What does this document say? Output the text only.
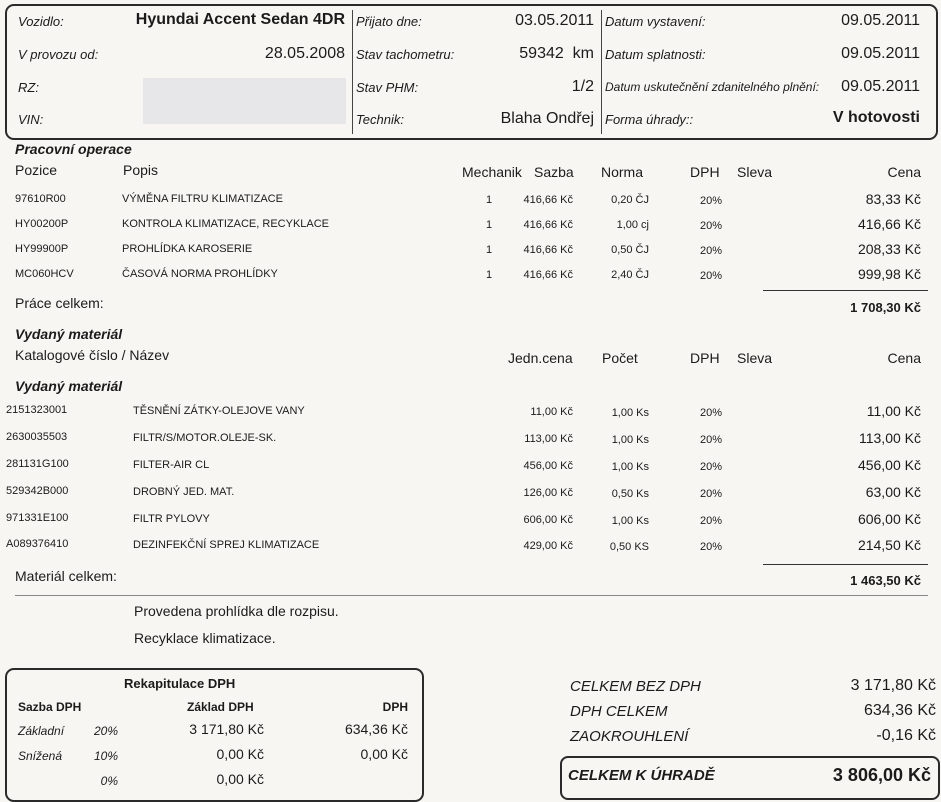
Vozidlo:	Hyundai Accent Sedan 4DR
V provozu od:	28.05.2008
RZ:
VIN:
Přijato dne:	03.05.2011
Stav tachometru:	59342 km
Stav PHM:	1/2
Technik:	Blaha Ondřej
Datum vystavení:	09.05.2011
Datum splatnosti:	09.05.2011
Datum uskutečnění zdanitelného plnění: 09.05.2011
Forma úhrady::	V hotovosti
Pracovní operace
Pozice	Popis	Mechanik Sazba Norma	DPH Sleva	Cena
97610R00	VÝMĚNA FILTRU KLIMATIZACE	1	416,66 Kč	0,20 ČJ	20%	83,33 Kč
HY00200P	KONTROLA KLIMATIZACE, RECYKLACE	1	416,66 Kč	1,00 cj	20%	416,66 Kč
HY99900P	PROHLÍDKA KAROSERIE	1	416,66 Kč	0,50 ČJ	20%	208,33 Kč
MC060HCV	ČASOVÁ NORMA PROHLÍDKY	1	416,66 Kč	2,40 ČJ	20%	999,98 Kč
Práce celkem:	1 708,30 Kč
Vydaný materiál
Katalogové číslo / Název	Jedn.cena Počet	DPH Sleva	Cena
Vydaný materiál
2151323001	TĚSNĚNÍ ZÁTKY-OLEJOVE VANY	11,00 Kč	1,00 Ks	20%	11,00 Kč
2630035503	FILTR/S/MOTOR.OLEJE-SK.	113,00 Kč	1,00 Ks	20%	113,00 Kč
281131G100	FILTER-AIR CL	456,00 Kč	1,00 Ks	20%	456,00 Kč
529342B000	DROBNÝ JED. MAT.	126,00 Kč	0,50 Ks	20%	63,00 Kč
971331E100	FILTR PYLOVY	606,00 Kč	1,00 Ks	20%	606,00 Kč
A089376410	DEZINFEKČNÍ SPREJ KLIMATIZACE	429,00 Kč	0,50 KS	20%	214,50 Kč
Materiál celkem:	1 463,50 Kč
Provedena prohlídka dle rozpisu.
Recyklace klimatizace.
Rekapitulace DPH
Sazba DPH	Základ DPH	DPH
Základní 20%	3 171,80 Kč	634,36 Kč
Snížená	10%	0,00 Kč	0,00 Kč
0%	0,00 Kč
CELKEM BEZ DPH	3 171,80 Kč
DPH CELKEM	634,36 Kč
ZAOKROUHLENÍ	-0,16 Kč
CELKEM K ÚHRADĚ	3 806,00 Kč
